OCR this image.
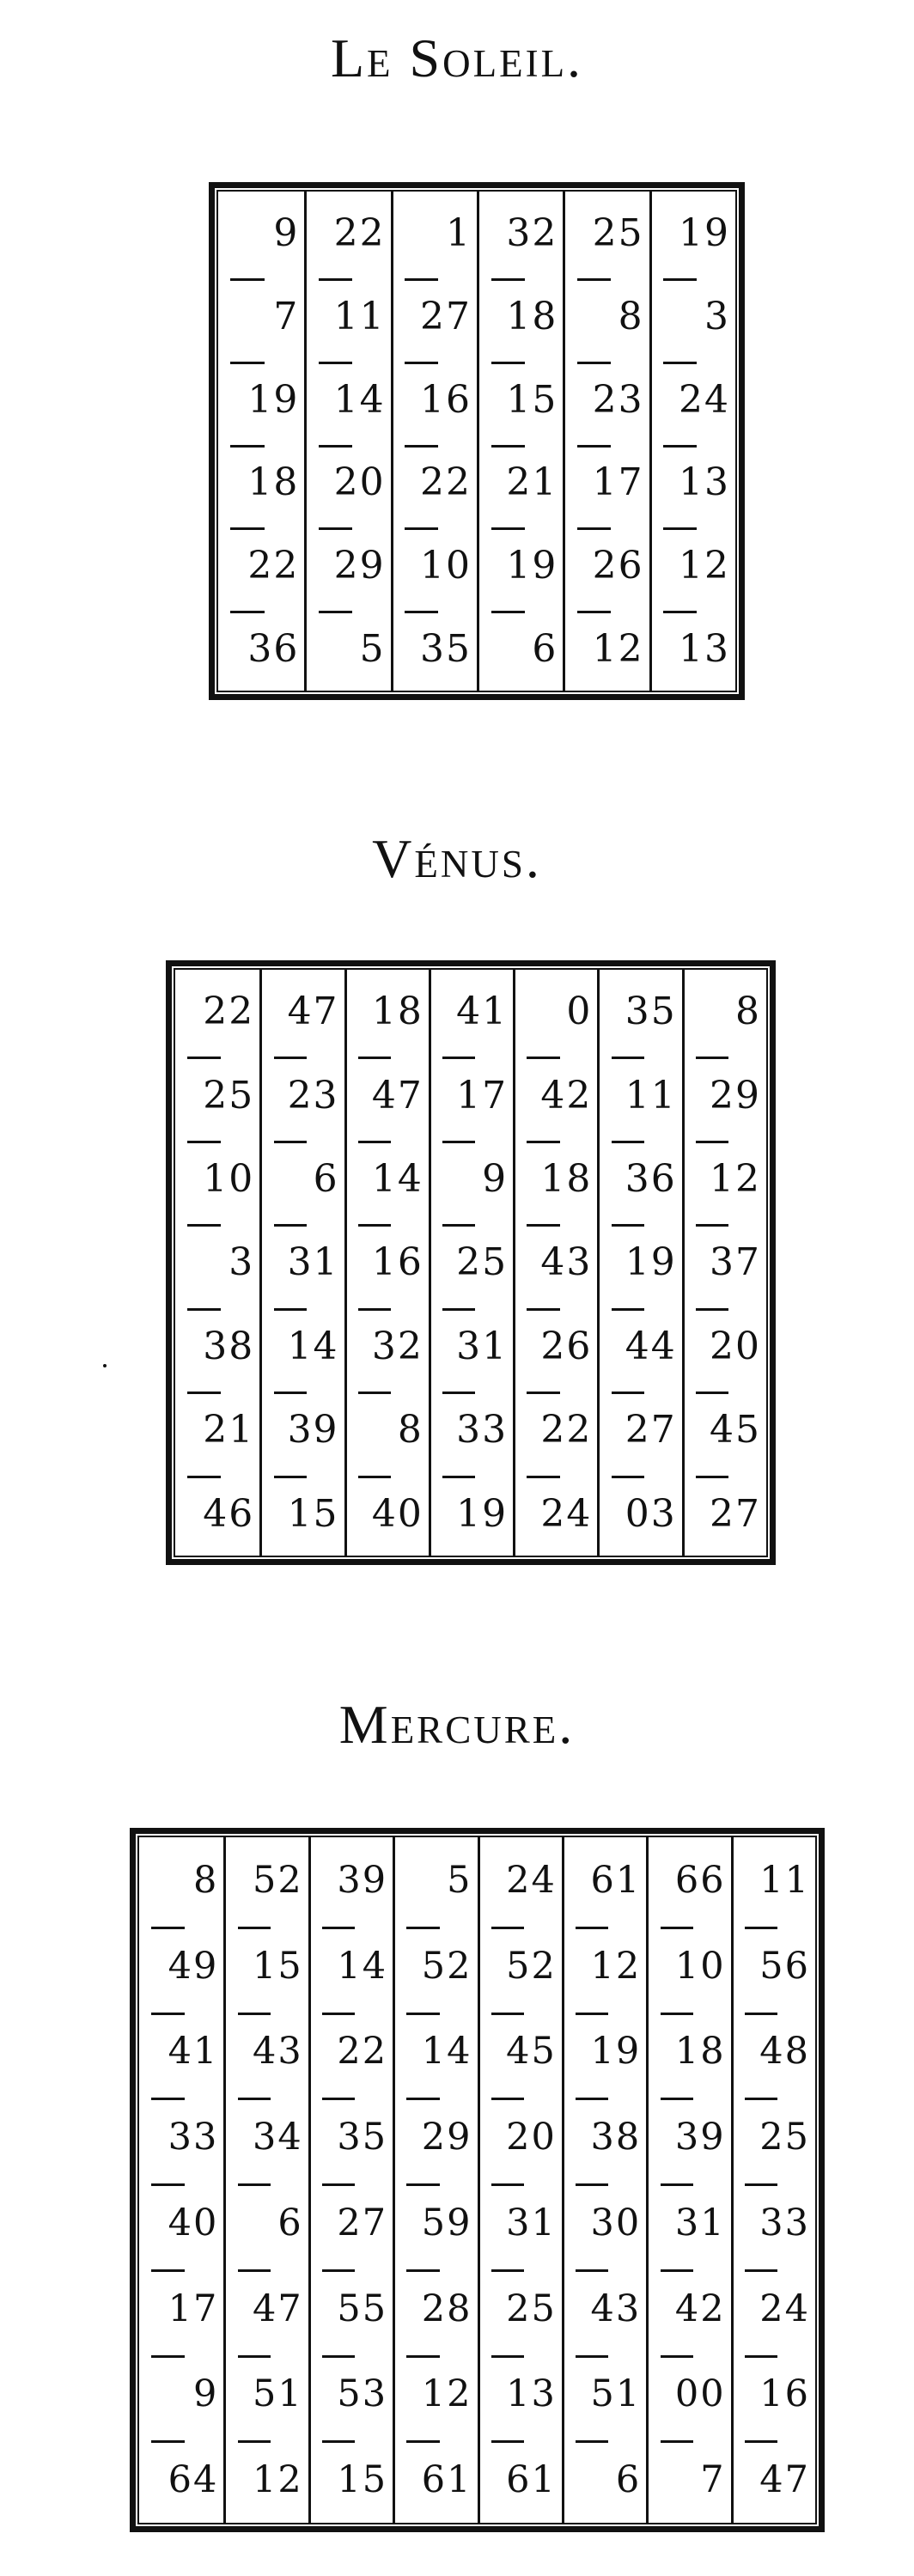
Le Soleil.
9 22	1 32 25 19
7 11 27 18	8	3
19 14 16 15 23 24
18 20 22 21 17 13
22 29 10 19 26 12
36	5 35	6 12 13
Vénus.
22 47 18 41	0 35	8
25 23 47 17 42 11 29
10	6 14	9 18 36 12
3 31 16 25 43 19 37
38 14 32 31 26 44 20
21 39	8 33 22 27 45
46 15 40 19 24 03 27
Mercure.
8 52 39	5 24 61 66 11
49 15 14 52 52 12 10 56
41 43 22 14 45 19 18 48
33 34 35 29 20 38 39 25
40	6 27 59 31 30 31 33
17 47 55 28 25 43 42 24
9 51 53 12 13 51 00 16
64 12 15 61 61	6	7 47
